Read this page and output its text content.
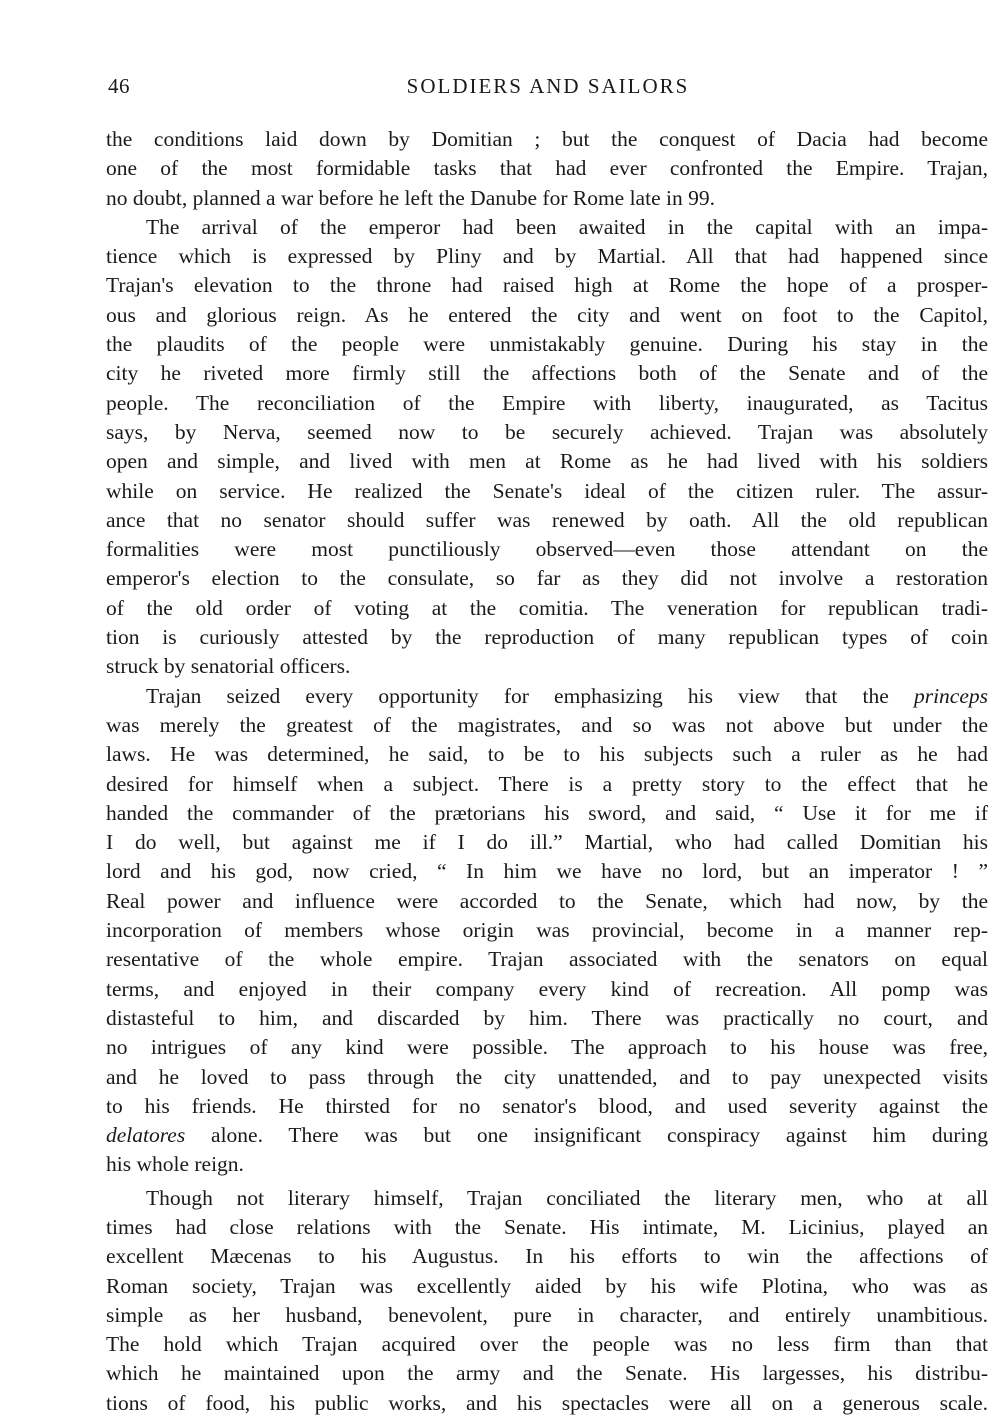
46	SOLDIERS AND SAILORS
the conditions laid down by Domitian ; but the conquest of Dacia had become
one of the most formidable tasks that had ever confronted the Empire. Trajan,
no doubt, planned a war before he left the Danube for Rome late in 99.
The arrival of the emperor had been awaited in the capital with an impa-
tience which is expressed by Pliny and by Martial. All that had happened since
Trajan's elevation to the throne had raised high at Rome the hope of a prosper-
ous and glorious reign. As he entered the city and went on foot to the Capitol,
the plaudits of the people were unmistakably genuine. During his stay in the
city he riveted more firmly still the affections both of the Senate and of the
people. The reconciliation of the Empire with liberty, inaugurated, as Tacitus
says, by Nerva, seemed now to be securely achieved. Trajan was absolutely
open and simple, and lived with men at Rome as he had lived with his soldiers
while on service. He realized the Senate's ideal of the citizen ruler. The assur-
ance that no senator should suffer was renewed by oath. All the old republican
formalities were most punctiliously observed—even those attendant on the
emperor's election to the consulate, so far as they did not involve a restoration
of the old order of voting at the comitia. The veneration for republican tradi-
tion is curiously attested by the reproduction of many republican types of coin
struck by senatorial officers.
Trajan seized every opportunity for emphasizing his view that the princeps
was merely the greatest of the magistrates, and so was not above but under the
laws. He was determined, he said, to be to his subjects such a ruler as he had
desired for himself when a subject. There is a pretty story to the effect that he
handed the commander of the prætorians his sword, and said, “ Use it for me if
I do well, but against me if I do ill.” Martial, who had called Domitian his
lord and his god, now cried, “ In him we have no lord, but an imperator ! ”
Real power and influence were accorded to the Senate, which had now, by the
incorporation of members whose origin was provincial, become in a manner rep-
resentative of the whole empire. Trajan associated with the senators on equal
terms, and enjoyed in their company every kind of recreation. All pomp was
distasteful to him, and discarded by him. There was practically no court, and
no intrigues of any kind were possible. The approach to his house was free,
and he loved to pass through the city unattended, and to pay unexpected visits
to his friends. He thirsted for no senator's blood, and used severity against the
delatores alone. There was but one insignificant conspiracy against him during
his whole reign.
Though not literary himself, Trajan conciliated the literary men, who at all
times had close relations with the Senate. His intimate, M. Licinius, played an
excellent Mæcenas to his Augustus. In his efforts to win the affections of
Roman society, Trajan was excellently aided by his wife Plotina, who was as
simple as her husband, benevolent, pure in character, and entirely unambitious.
The hold which Trajan acquired over the people was no less firm than that
which he maintained upon the army and the Senate. His largesses, his distribu-
tions of food, his public works, and his spectacles were all on a generous scale.
